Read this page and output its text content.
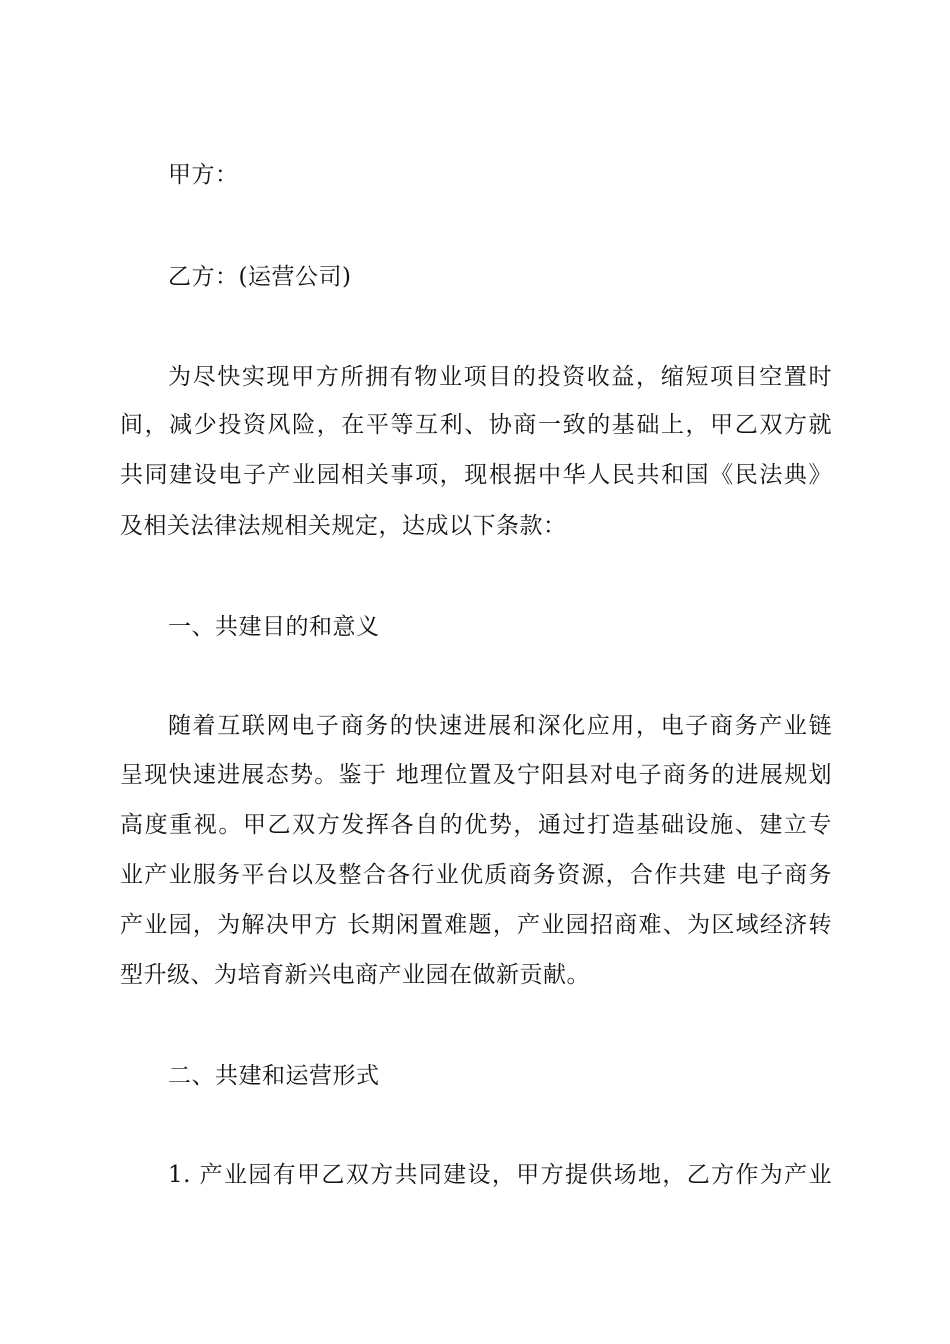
甲方：
乙方：(运营公司)
为尽快实现甲方所拥有物业项目的投资收益，缩短项目空置时
间，减少投资风险，在平等互利、协商一致的基础上，甲乙双方就
共同建设电子产业园相关事项，现根据中华人民共和国《民法典》
及相关法律法规相关规定，达成以下条款：
一、共建目的和意义
随着互联网电子商务的快速进展和深化应用，电子商务产业链
呈现快速进展态势。鉴于 地理位置及宁阳县对电子商务的进展规划
高度重视。甲乙双方发挥各自的优势，通过打造基础设施、建立专
业产业服务平台以及整合各行业优质商务资源，合作共建 电子商务
产业园，为解决甲方 长期闲置难题，产业园招商难、为区域经济转
型升级、为培育新兴电商产业园在做新贡献。
二、共建和运营形式
1. 产业园有甲乙双方共同建设，甲方提供场地，乙方作为产业
